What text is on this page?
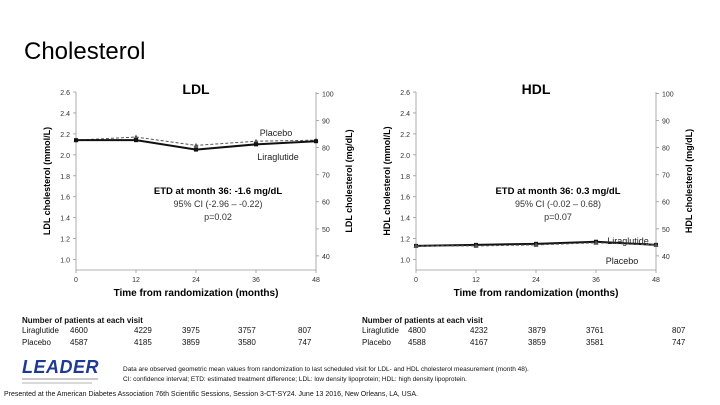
Cholesterol
1.0
1.2
1.4
1.6
1.8
2.0
2.2
2.4
2.6
40
50
60
70
80
90
100
0	12	24	36	48
LDL
Time from randomization (months)
LDL cholesterol (mmol/L)	LDL cholesterol (mg/dL)
Placebo
Liraglutide
ETD at month 36: -1.6 mg/dL
95% CI (-2.96 – -0.22)
p=0.02
1.0
1.2
1.4
1.6
1.8
2.0
2.2
2.4
2.6
40
50
60
70
80
90
100
0	12	24	36	48
HDL
Time from randomization (months)
HDL cholesterol (mmol/L)	HDL cholesterol (mg/dL)
Liraglutide
Placebo
ETD at month 36: 0.3 mg/dL
95% CI (-0.02 – 0.68)
p=0.07
Number of patients at each visit
Liraglutide 4600	4229	3975	3757	807
Placebo 4587	4185	3859	3580	747
Number of patients at each visit
Liraglutide 4800	4232	3879	3761	807
Placebo 4588	4167	3859	3581	747
LEADER	Data are observed geometric mean values from randomization to last scheduled visit for LDL- and HDL cholesterol measurement (month 48).
CI: confidence interval; ETD: estimated treatment difference; LDL: low density lipoprotein; HDL: high density lipoprotein.
Presented at the American Diabetes Association 76th Scientific Sessions, Session 3-CT-SY24. June 13 2016, New Orleans, LA, USA.
